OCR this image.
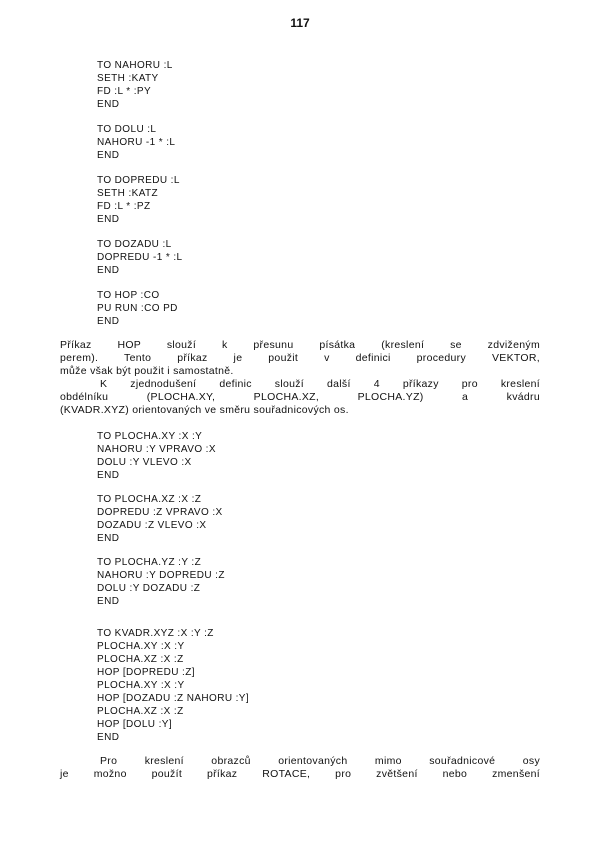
117
TO NAHORU :L
SETH :KATY
FD :L * :PY
END
TO DOLU :L
NAHORU -1 * :L
END
TO DOPREDU :L
SETH :KATZ
FD :L * :PZ
END
TO DOZADU :L
DOPREDU -1 * :L
END
TO HOP :CO
PU RUN :CO PD
END
Příkaz HOP slouží k přesunu písátka (kreslení se zdviženým
perem). Tento příkaz je použit v definici procedury VEKTOR,
může však být použit i samostatně.
K zjednodušení definic slouží další 4 příkazy pro kreslení
obdélníku (PLOCHA.XY, PLOCHA.XZ, PLOCHA.YZ) a kvádru
(KVADR.XYZ) orientovaných ve směru souřadnicových os.
TO PLOCHA.XY :X :Y
NAHORU :Y VPRAVO :X
DOLU :Y VLEVO :X
END
TO PLOCHA.XZ :X :Z
DOPREDU :Z VPRAVO :X
DOZADU :Z VLEVO :X
END
TO PLOCHA.YZ :Y :Z
NAHORU :Y DOPREDU :Z
DOLU :Y DOZADU :Z
END
TO KVADR.XYZ :X :Y :Z
PLOCHA.XY :X :Y
PLOCHA.XZ :X :Z
HOP [DOPREDU :Z]
PLOCHA.XY :X :Y
HOP [DOZADU :Z NAHORU :Y]
PLOCHA.XZ :X :Z
HOP [DOLU :Y]
END
Pro kreslení obrazců orientovaných mimo souřadnicové osy
je možno použít příkaz ROTACE, pro zvětšení nebo zmenšení
